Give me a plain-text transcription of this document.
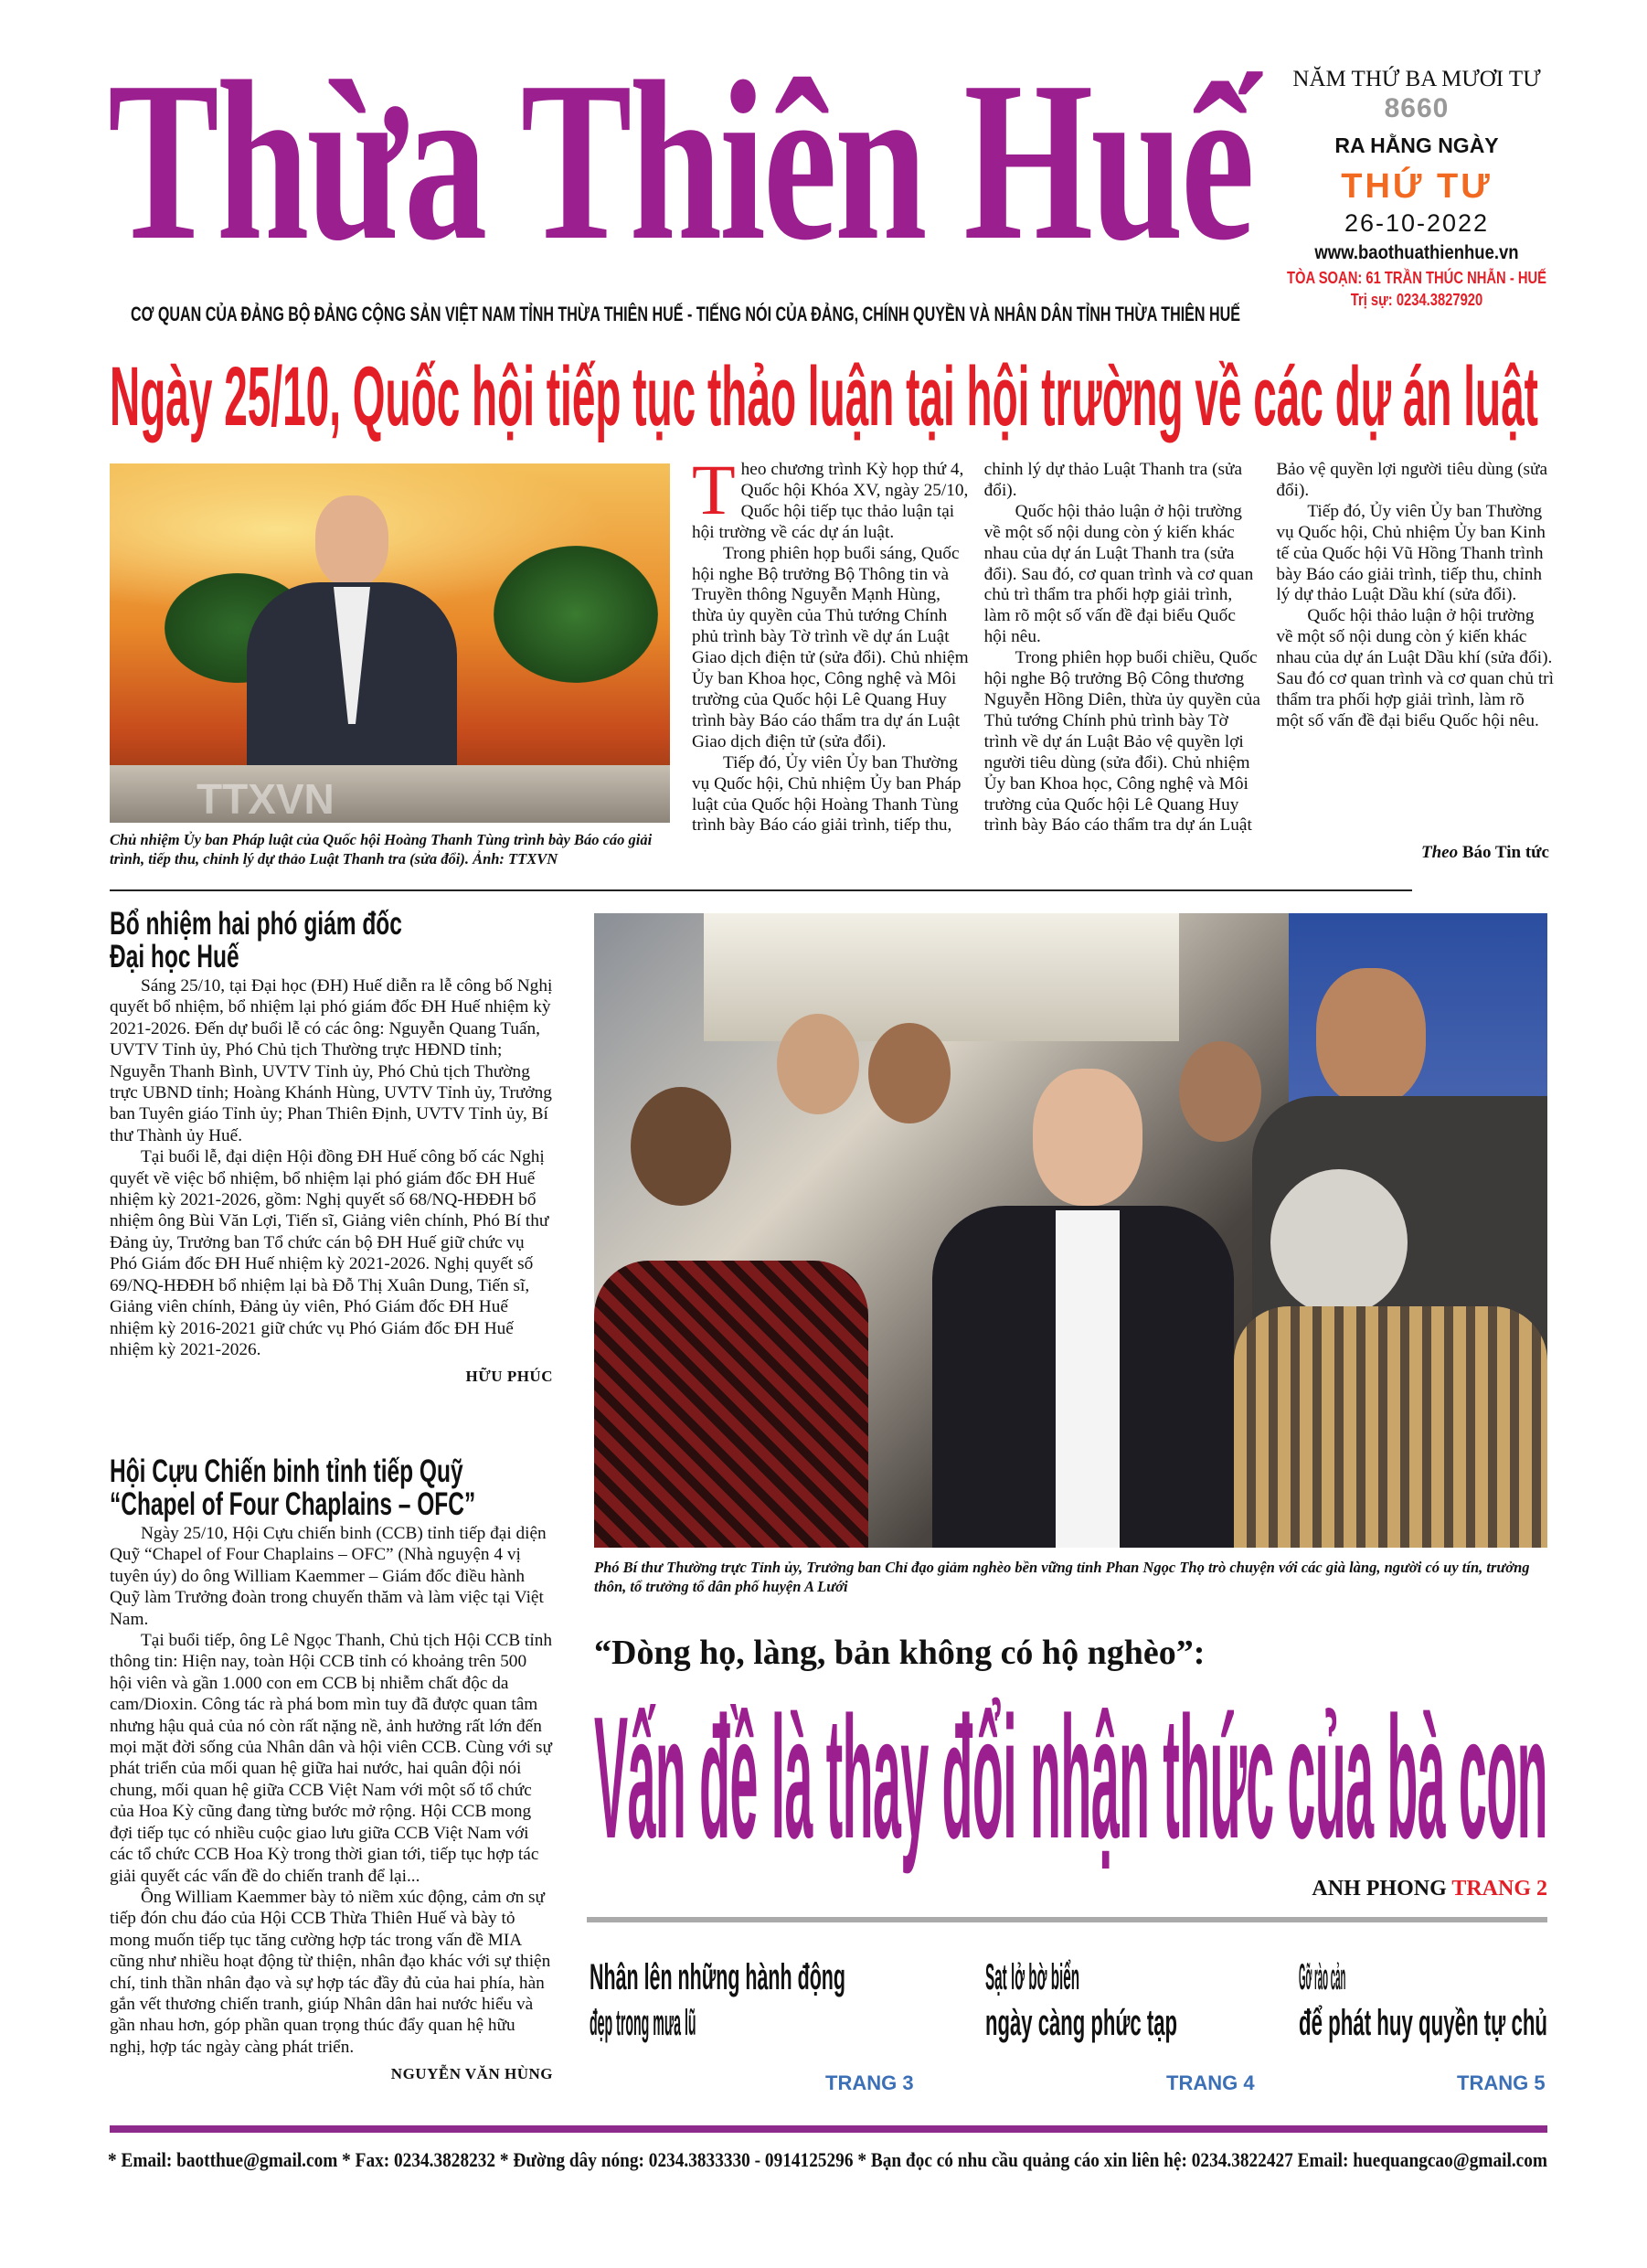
Thừa Thiên Huế
CƠ QUAN CỦA ĐẢNG BỘ ĐẢNG CỘNG SẢN VIỆT NAM TỈNH THỪA THIÊN HUẾ - TIẾNG NÓI CỦA ĐẢNG, CHÍNH QUYỀN VÀ NHÂN DÂN TỈNH THỪA THIÊN HUẾ
NĂM THỨ BA MƯƠI TƯ
8660
RA HẰNG NGÀY
THỨ TƯ
26-10-2022
www.baothuathienhue.vn
TÒA SOẠN: 61 TRẦN THÚC NHẪN - HUẾ
Trị sự: 0234.3827920
Ngày 25/10, Quốc hội tiếp tục thảo luận tại hội trường về các dự án luật
TTXVN
Chủ nhiệm Ủy ban Pháp luật của Quốc hội Hoàng Thanh Tùng trình bày Báo cáo giải trình, tiếp thu, chỉnh lý dự thảo Luật Thanh tra (sửa đổi). Ảnh: TTXVN

Theo chương trình Kỳ họp thứ 4, Quốc hội Khóa XV, ngày 25/10, Quốc hội tiếp tục thảo luận tại hội trường về các dự án luật.

Trong phiên họp buổi sáng, Quốc hội nghe Bộ trưởng Bộ Thông tin và Truyền thông Nguyễn Mạnh Hùng, thừa ủy quyền của Thủ tướng Chính phủ trình bày Tờ trình về dự án Luật Giao dịch điện tử (sửa đổi). Chủ nhiệm Ủy ban Khoa học, Công nghệ và Môi trường của Quốc hội Lê Quang Huy trình bày Báo cáo thẩm tra dự án Luật Giao dịch điện tử (sửa đổi).

Tiếp đó, Ủy viên Ủy ban Thường vụ Quốc hội, Chủ nhiệm Ủy ban Pháp luật của Quốc hội Hoàng Thanh Tùng trình bày Báo cáo giải trình, tiếp thu, chỉnh lý dự thảo Luật Thanh tra (sửa đổi).

Quốc hội thảo luận ở hội trường về một số nội dung còn ý kiến khác nhau của dự án Luật Thanh tra (sửa đổi). Sau đó, cơ quan trình và cơ quan chủ trì thẩm tra phối hợp giải trình, làm rõ một số vấn đề đại biểu Quốc hội nêu.

Trong phiên họp buổi chiều, Quốc hội nghe Bộ trưởng Bộ Công thương Nguyễn Hồng Diên, thừa ủy quyền của Thủ tướng Chính phủ trình bày Tờ trình về dự án Luật Bảo vệ quyền lợi người tiêu dùng (sửa đổi). Chủ nhiệm Ủy ban Khoa học, Công nghệ và Môi trường của Quốc hội Lê Quang Huy trình bày Báo cáo thẩm tra dự án Luật Bảo vệ quyền lợi người tiêu dùng (sửa đổi).

Tiếp đó, Ủy viên Ủy ban Thường vụ Quốc hội, Chủ nhiệm Ủy ban Kinh tế của Quốc hội Vũ Hồng Thanh trình bày Báo cáo giải trình, tiếp thu, chỉnh lý dự thảo Luật Dầu khí (sửa đổi).

Quốc hội thảo luận ở hội trường về một số nội dung còn ý kiến khác nhau của dự án Luật Dầu khí (sửa đổi). Sau đó cơ quan trình và cơ quan chủ trì thẩm tra phối hợp giải trình, làm rõ một số vấn đề đại biểu Quốc hội nêu.

Theo Báo Tin tức
Bổ nhiệm hai phó giám đốc
Đại học Huế

Sáng 25/10, tại Đại học (ĐH) Huế diễn ra lễ công bố Nghị quyết bổ nhiệm, bổ nhiệm lại phó giám đốc ĐH Huế nhiệm kỳ 2021-2026. Đến dự buổi lễ có các ông: Nguyễn Quang Tuấn, UVTV Tỉnh ủy, Phó Chủ tịch Thường trực HĐND tỉnh; Nguyễn Thanh Bình, UVTV Tỉnh ủy, Phó Chủ tịch Thường trực UBND tỉnh; Hoàng Khánh Hùng, UVTV Tỉnh ủy, Trưởng ban Tuyên giáo Tỉnh ủy; Phan Thiên Định, UVTV Tỉnh ủy, Bí thư Thành ủy Huế.

Tại buổi lễ, đại diện Hội đồng ĐH Huế công bố các Nghị quyết về việc bổ nhiệm, bổ nhiệm lại phó giám đốc ĐH Huế nhiệm kỳ 2021-2026, gồm: Nghị quyết số 68/NQ-HĐĐH bổ nhiệm ông Bùi Văn Lợi, Tiến sĩ, Giảng viên chính, Phó Bí thư Đảng ủy, Trưởng ban Tổ chức cán bộ ĐH Huế giữ chức vụ Phó Giám đốc ĐH Huế nhiệm kỳ 2021-2026. Nghị quyết số 69/NQ-HĐĐH bổ nhiệm lại bà Đỗ Thị Xuân Dung, Tiến sĩ, Giảng viên chính, Đảng ủy viên, Phó Giám đốc ĐH Huế nhiệm kỳ 2016-2021 giữ chức vụ Phó Giám đốc ĐH Huế nhiệm kỳ 2021-2026.

HỮU PHÚC
Hội Cựu Chiến binh tỉnh tiếp Quỹ
“Chapel of Four Chaplains – OFC”

Ngày 25/10, Hội Cựu chiến binh (CCB) tỉnh tiếp đại diện Quỹ “Chapel of Four Chaplains – OFC” (Nhà nguyện 4 vị tuyên úy) do ông William Kaemmer – Giám đốc điều hành Quỹ làm Trưởng đoàn trong chuyến thăm và làm việc tại Việt Nam.

Tại buổi tiếp, ông Lê Ngọc Thanh, Chủ tịch Hội CCB tỉnh thông tin: Hiện nay, toàn Hội CCB tỉnh có khoảng trên 500 hội viên và gần 1.000 con em CCB bị nhiễm chất độc da cam/Dioxin. Công tác rà phá bom mìn tuy đã được quan tâm nhưng hậu quả của nó còn rất nặng nề, ảnh hưởng rất lớn đến mọi mặt đời sống của Nhân dân và hội viên CCB. Cùng với sự phát triển của mối quan hệ giữa hai nước, hai quân đội nói chung, mối quan hệ giữa CCB Việt Nam với một số tổ chức của Hoa Kỳ cũng đang từng bước mở rộng. Hội CCB mong đợi tiếp tục có nhiều cuộc giao lưu giữa CCB Việt Nam với các tổ chức CCB Hoa Kỳ trong thời gian tới, tiếp tục hợp tác giải quyết các vấn đề do chiến tranh để lại...

Ông William Kaemmer bày tỏ niềm xúc động, cảm ơn sự tiếp đón chu đáo của Hội CCB Thừa Thiên Huế và bày tỏ mong muốn tiếp tục tăng cường hợp tác trong vấn đề MIA cũng như nhiều hoạt động từ thiện, nhân đạo khác với sự thiện chí, tinh thần nhân đạo và sự hợp tác đầy đủ của hai phía, hàn gắn vết thương chiến tranh, giúp Nhân dân hai nước hiểu và gần nhau hơn, góp phần quan trọng thúc đẩy quan hệ hữu nghị, hợp tác ngày càng phát triển.

NGUYỄN VĂN HÙNG
Phó Bí thư Thường trực Tỉnh ủy, Trưởng ban Chỉ đạo giảm nghèo bền vững tỉnh Phan Ngọc Thọ trò chuyện với các già làng, người có uy tín, trưởng thôn, tổ trưởng tổ dân phố huyện A Lưới
“Dòng họ, làng, bản không có hộ nghèo”:
Vấn đề là thay đổi nhận thức của bà con
ANH PHONG TRANG 2
Nhân lên những hành động
đẹp trong mưa lũ
TRANG 3
Sạt lở bờ biển
ngày càng phức tạp
TRANG 4
Gỡ rào cản
để phát huy quyền tự chủ
TRANG 5
* Email: baotthue@gmail.com * Fax: 0234.3828232 * Đường dây nóng: 0234.3833330 - 0914125296 * Bạn đọc có nhu cầu quảng cáo xin liên hệ: 0234.3822427 Email: huequangcao@gmail.com
